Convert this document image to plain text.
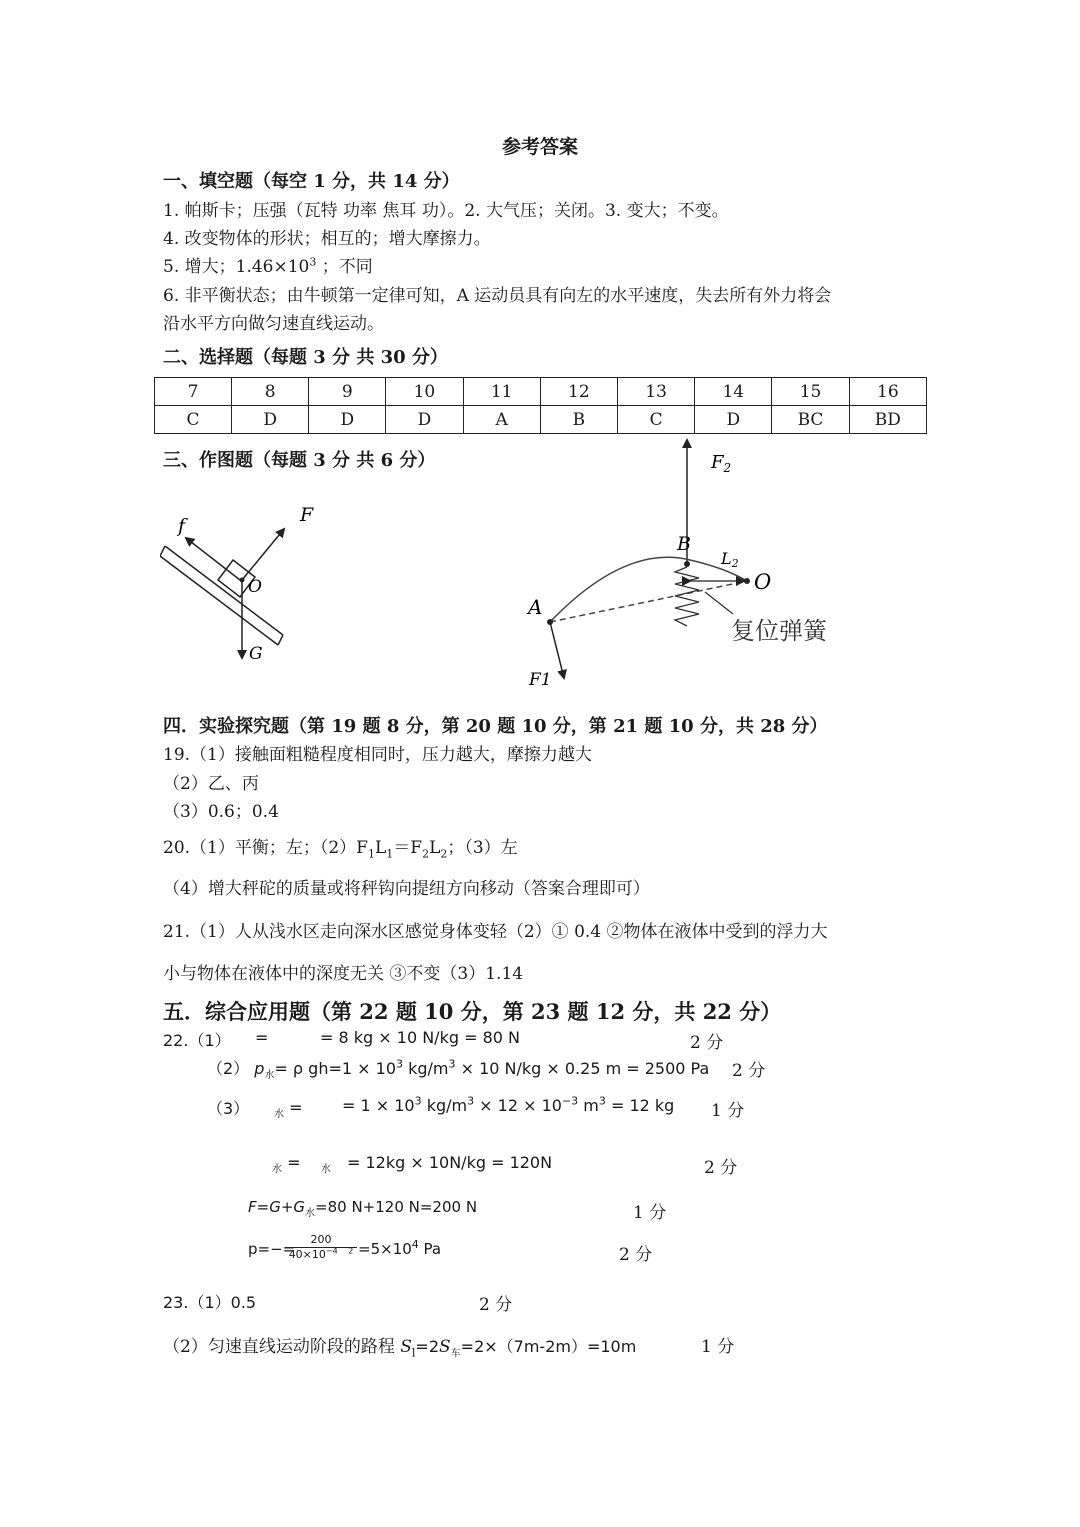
参考答案
一、填空题（每空 1 分，共 14 分）
1. 帕斯卡；压强（瓦特 功率 焦耳 功）。2. 大气压；关闭。3. 变大；不变。
4. 改变物体的形状；相互的；增大摩擦力。
5. 增大；$1.46\times 10^3$ ；不同
6. 非平衡状态；由牛顿第一定律可知，A 运动员具有向左的水平速度，失去所有外力将会
沿水平方向做匀速直线运动。
二、选择题（每题 3 分 共 30 分）
7	8	9	10	11	12	13	14	15	16
C	D	D	D	A	B	C	D	BC	BD
三、作图题（每题 3 分 共 6 分）
f	F
O
G
$F_2$
B
L2
O
A
F1
复位弹簧
四．实验探究题（第 19 题 8 分，第 20 题 10 分，第 21 题 10 分，共 28 分）
19.（1）接触面粗糙程度相同时，压力越大，摩擦力越大
（2）乙、丙
（3）0.6；0.4
20.（1）平衡；左；$(2)F_1L_1=F_2L_2$；（3）左
（4）增大秤砣的质量或将秤钩向提纽方向移动（答案合理即可）
21.（1）人从浅水区走向深水区感觉身体变轻（2）① 0.4 ②物体在液体中受到的浮力大
小与物体在液体中的深度无关 ③不变（3）1.14
五．综合应用题（第 22 题 10 分，第 23 题 12 分，共 22 分）
22.（1） =	= 8 kg × 10 N/kg = 80 N	2 分
（2） $p_水= \rho$ $gh=1 \times 10^3$ $kg/m^3 \times 10$ N/kg × 0.25 m = 2500 Pa 2 分
（3） $_水$ = = $1 \times 10^3$ $kg/m^3 \times 12 \times 10^{-3}$ $m^3 = 12$ kg 1 分
$_水$ = $_水$ = 12kg × 10N/kg = 120N	2 分
$F=G+G_水=80$ N+120 N=200 N	1 分
p=−=
$\frac{200}{40\times 10^{-4} ^2} =5\times 10^4$ Pa	2 分
23.（1）0.5	2 分
（2）匀速直线运动阶段的路程 $S_l=2S_车=2\times(7m-2m)=10m$	1 分
